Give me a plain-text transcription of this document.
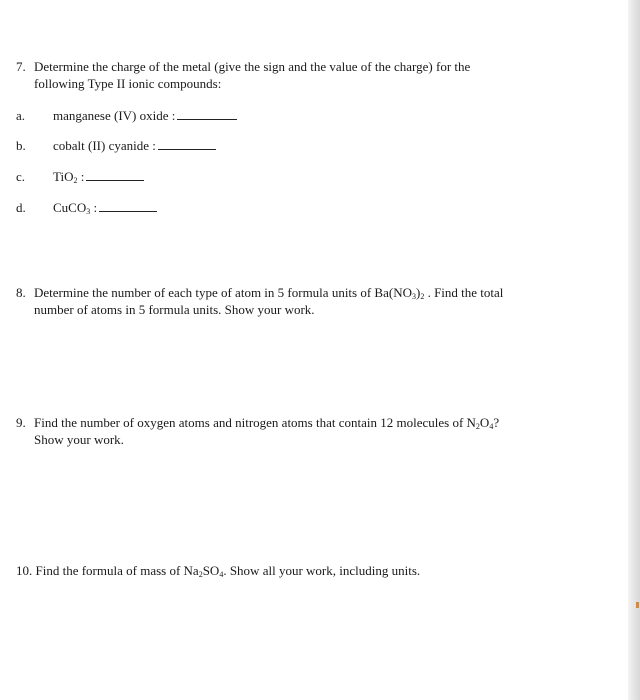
7. Determine the charge of the metal (give the sign and the value of the charge) for the
following Type II ionic compounds:
a.	manganese (IV) oxide :
b.	cobalt (II) cyanide :
c.	TiO$_2$ :
d.	CuCO$_3$ :
8. Determine the number of each type of atom in 5 formula units of $Ba(NO_3)_2$ . Find the total
number of atoms in 5 formula units. Show your work.
9. Find the number of oxygen atoms and nitrogen atoms that contain 12 molecules of $N_2O_4$?
Show your work.
10. Find the formula of mass of $Na_2SO_4$. Show all your work, including units.
